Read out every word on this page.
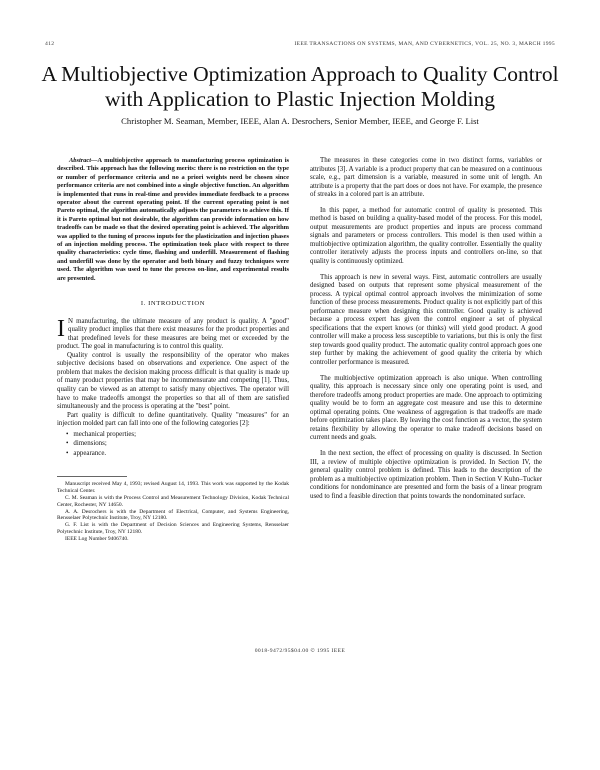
412	IEEE TRANSACTIONS ON SYSTEMS, MAN, AND CYBERNETICS, VOL. 25, NO. 3, MARCH 1995
A Multiobjective Optimization Approach to Quality Control with Application to Plastic Injection Molding
Christopher M. Seaman, Member, IEEE, Alan A. Desrochers, Senior Member, IEEE, and George F. List

Abstract—A multiobjective approach to manufacturing process optimization is described. This approach has the following merits: there is no restriction on the type or number of performance criteria and no a priori weights need be chosen since performance criteria are not combined into a single objective function. An algorithm is implemented that runs in real-time and provides immediate feedback to a process operator about the current operating point. If the current operating point is not Pareto optimal, the algorithm automatically adjusts the parameters to achieve this. If it is Pareto optimal but not desirable, the algorithm can provide information on how tradeoffs can be made so that the desired operating point is achieved. The algorithm was applied to the tuning of process inputs for the plasticization and injection phases of an injection molding process. The optimization took place with respect to three quality characteristics: cycle time, flashing and underfill. Measurement of flashing and underfill was done by the operator and both binary and fuzzy techniques were used. The algorithm was used to tune the process on-line, and experimental results are presented.

I. INTRODUCTION

I N manufacturing, the ultimate measure of any product is quality. A "good" quality product implies that there exist measures for the product properties and that predefined levels for these measures are being met or exceeded by the product. The goal in manufacturing is to control this quality.

Quality control is usually the responsibility of the operator who makes subjective decisions based on observations and experience. One aspect of the problem that makes the decision making process difficult is that quality is made up of many product properties that may be incommensurate and competing [1]. Thus, quality can be viewed as an attempt to satisfy many objectives. The operator will have to make tradeoffs amongst the properties so that all of them are satisfied simultaneously and the process is operating at the "best" point.

Part quality is difficult to define quantitatively. Quality "measures" for an injection molded part can fall into one of the following categories [2]:

• mechanical properties;
• dimensions;
• appearance.

Manuscript received May 4, 1993; revised August 14, 1993. This work was supported by the Kodak Technical Center.

C. M. Seaman is with the Process Control and Measurement Technology Division, Kodak Technical Center, Rochester, NY 14650.

A. A. Desrochers is with the Department of Electrical, Computer, and Systems Engineering, Rensselaer Polytechnic Institute, Troy, NY 12180.

G. F. List is with the Department of Decision Sciences and Engineering Systems, Rensselaer Polytechnic Institute, Troy, NY 12180.

IEEE Log Number 9406740.

The measures in these categories come in two distinct forms, variables or attributes [3]. A variable is a product property that can be measured on a continuous scale, e.g., part dimension is a variable, measured in some unit of length. An attribute is a property that the part does or does not have. For example, the presence of streaks in a colored part is an attribute.

In this paper, a method for automatic control of quality is presented. This method is based on building a quality-based model of the process. For this model, output measurements are product properties and inputs are process command signals and parameters or process controllers. This model is then used within a multiobjective optimization algorithm, the quality controller. Essentially the quality controller iteratively adjusts the process inputs and controllers on-line, so that quality is continuously optimized.

This approach is new in several ways. First, automatic controllers are usually designed based on outputs that represent some physical measurement of the process. A typical optimal control approach involves the minimization of some function of these process measurements. Product quality is not explicitly part of this performance measure when designing this controller. Good quality is achieved because a process expert has given the control engineer a set of physical specifications that the expert knows (or thinks) will yield good product. A good controller will make a process less susceptible to variations, but this is only the first step towards good quality product. The automatic quality control approach goes one step further by making the achievement of good quality the criteria by which controller performance is measured.

The multiobjective optimization approach is also unique. When controlling quality, this approach is necessary since only one operating point is used, and therefore tradeoffs among product properties are made. One approach to optimizing quality would be to form an aggregate cost measure and use this to determine optimal operating points. One weakness of aggregation is that tradeoffs are made before optimization takes place. By leaving the cost function as a vector, the system retains flexibility by allowing the operator to make tradeoff decisions based on current needs and goals.

In the next section, the effect of processing on quality is discussed. In Section III, a review of multiple objective optimization is provided. In Section IV, the general quality control problem is defined. This leads to the description of the problem as a multiobjective optimization problem. Then in Section V Kuhn–Tucker conditions for nondominance are presented and form the basis of a linear program used to find a feasible direction that points towards the nondominated surface.

0018-9472/95$04.00 © 1995 IEEE
